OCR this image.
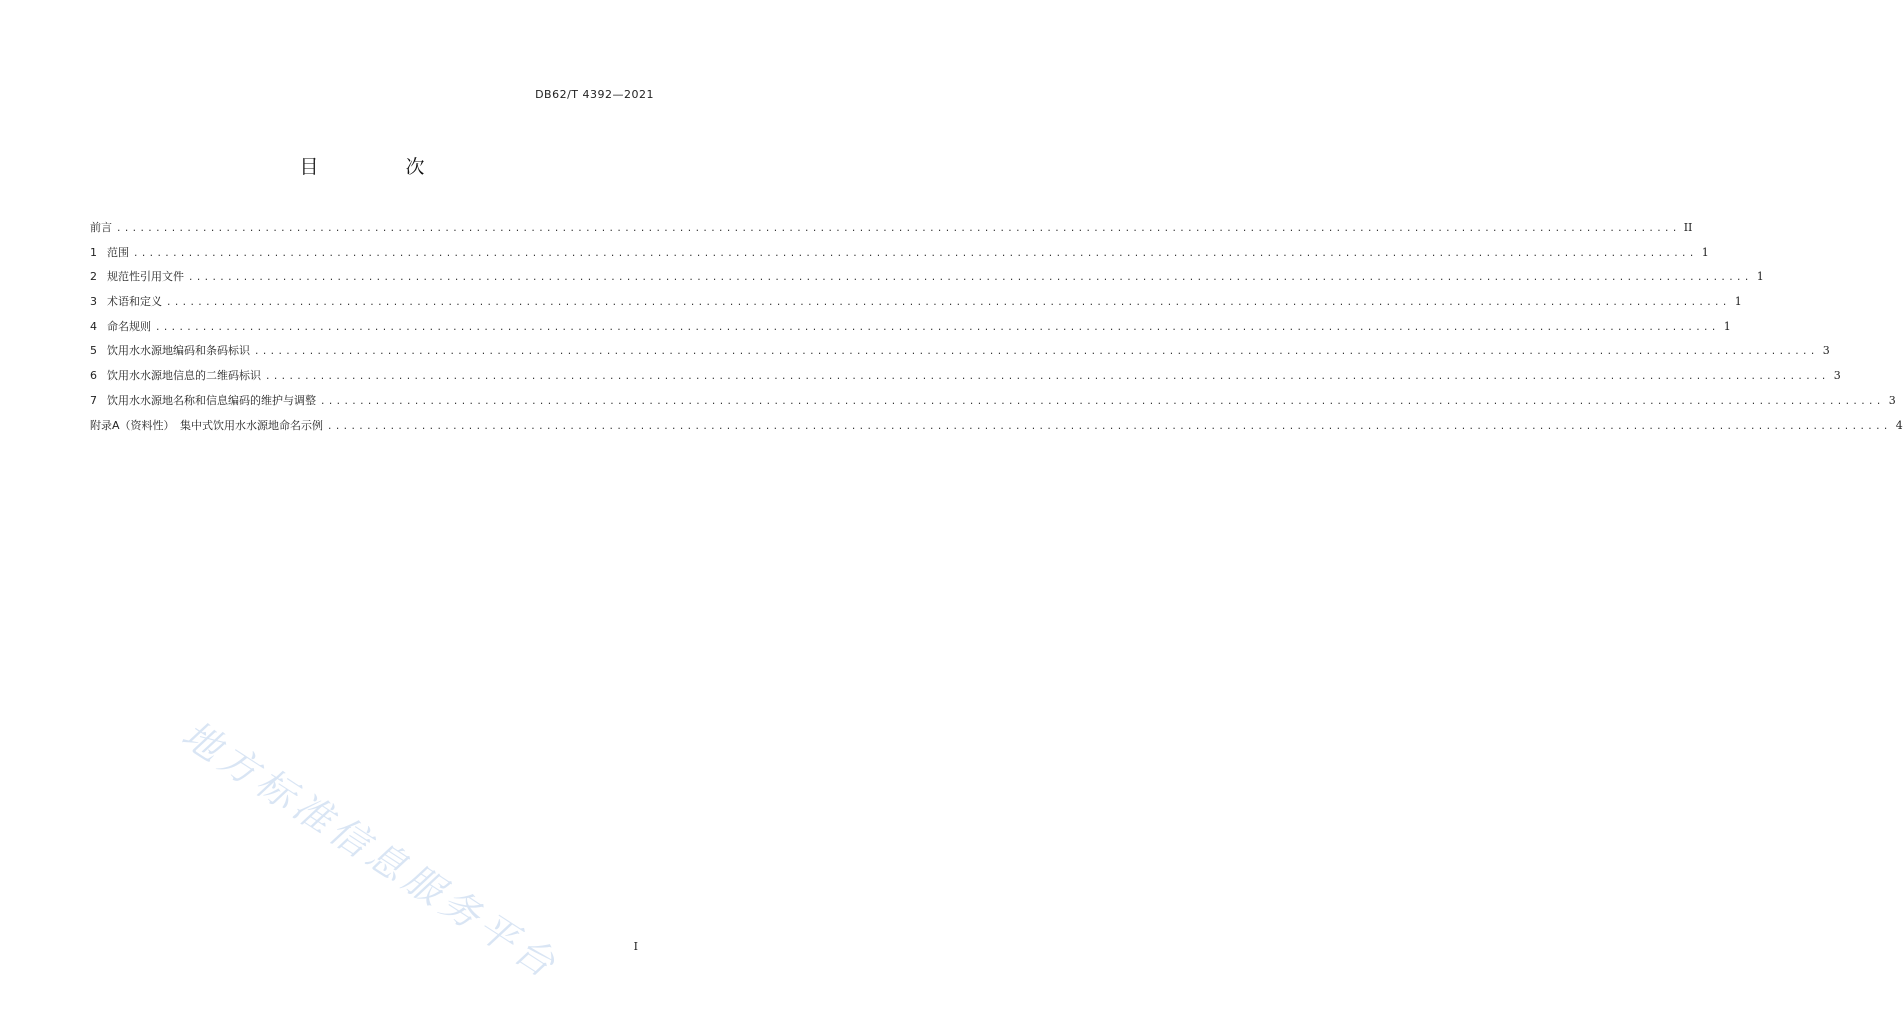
DB62/T 4392—2021
目　次
前言 ........................................................................................................................................................................................................ II
1 范围 ........................................................................................................................................................................................................ 1
2 规范性引用文件 ........................................................................................................................................................................................................ 1
3 术语和定义 ........................................................................................................................................................................................................ 1
4 命名规则 ........................................................................................................................................................................................................ 1
5 饮用水水源地编码和条码标识 ........................................................................................................................................................................................................ 3
6 饮用水水源地信息的二维码标识 ........................................................................................................................................................................................................ 3
7 饮用水水源地名称和信息编码的维护与调整 ........................................................................................................................................................................................................ 3
附录A（资料性）　集中式饮用水水源地命名示例 ........................................................................................................................................................................................................ 4
地方标准信息服务平台	I
